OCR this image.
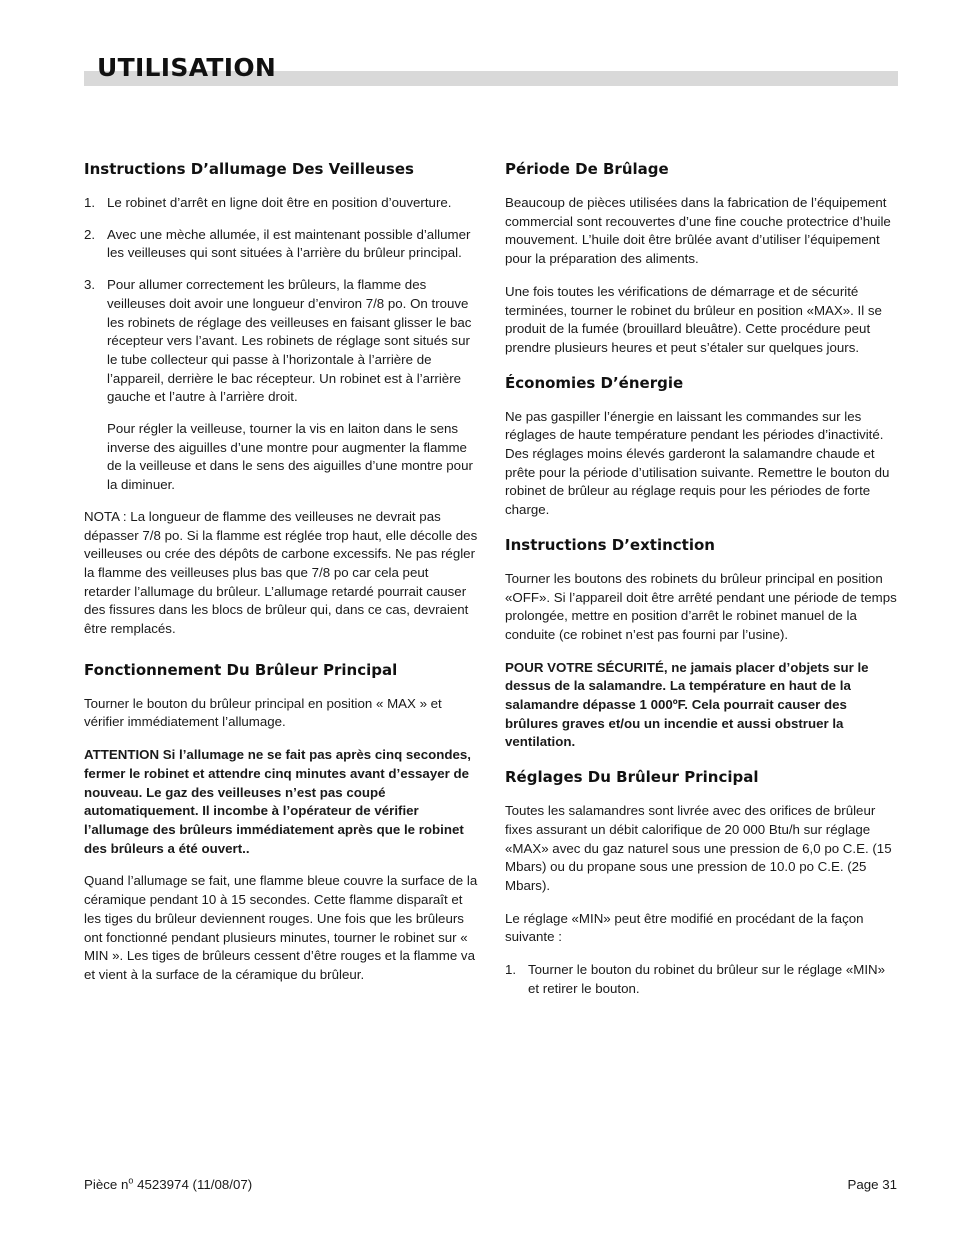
UTILISATION
Instructions D’allumage Des Veilleuses
1. Le robinet d’arrêt en ligne doit être en position d’ouverture.

2. Avec une mèche allumée, il est maintenant possible d’allumer les veilleuses qui sont situées à l’arrière du brûleur principal.

3. Pour allumer correctement les brûleurs, la flamme des veilleuses doit avoir une longueur d’environ 7/8 po. On trouve les robinets de réglage des veilleuses en faisant glisser le bac récepteur vers l’avant. Les robinets de réglage sont situés sur le tube collecteur qui passe à l’horizontale à l’arrière de l’appareil, derrière le bac récepteur. Un robinet est à l’arrière gauche et l’autre à l’arrière droit.

Pour régler la veilleuse, tourner la vis en laiton dans le sens inverse des aiguilles d’une montre pour augmenter la flamme de la veilleuse et dans le sens des aiguilles d’une montre pour la diminuer.

NOTA : La longueur de flamme des veilleuses ne devrait pas dépasser 7/8 po. Si la flamme est réglée trop haut, elle décolle des veilleuses ou crée des dépôts de carbone excessifs. Ne pas régler la flamme des veilleuses plus bas que 7/8 po car cela peut retarder l’allumage du brûleur. L’allumage retardé pourrait causer des fissures dans les blocs de brûleur qui, dans ce cas, devraient être remplacés.

Fonctionnement Du Brûleur Principal

Tourner le bouton du brûleur principal en position « MAX » et vérifier immédiatement l’allumage.

ATTENTION Si l’allumage ne se fait pas après cinq secondes, fermer le robinet et attendre cinq minutes avant d’essayer de nouveau. Le gaz des veilleuses n’est pas coupé automatiquement. Il incombe à l’opérateur de vérifier l’allumage des brûleurs immédiatement après que le robinet des brûleurs a été ouvert..

Quand l’allumage se fait, une flamme bleue couvre la surface de la céramique pendant 10 à 15 secondes. Cette flamme disparaît et les tiges du brûleur deviennent rouges. Une fois que les brûleurs ont fonctionné pendant plusieurs minutes, tourner le robinet sur « MIN ». Les tiges de brûleurs cessent d’être rouges et la flamme va et vient à la surface de la céramique du brûleur.

Période De Brûlage

Beaucoup de pièces utilisées dans la fabrication de l’équipement commercial sont recouvertes d’une fine couche protectrice d’huile mouvement. L’huile doit être brûlée avant d’utiliser l’équipement pour la préparation des aliments.

Une fois toutes les vérifications de démarrage et de sécurité terminées, tourner le robinet du brûleur en position «MAX». Il se produit de la fumée (brouillard bleuâtre). Cette procédure peut prendre plusieurs heures et peut s’étaler sur quelques jours.

Économies D’énergie

Ne pas gaspiller l’énergie en laissant les commandes sur les réglages de haute température pendant les périodes d’inactivité. Des réglages moins élevés garderont la salamandre chaude et prête pour la période d’utilisation suivante. Remettre le bouton du robinet de brûleur au réglage requis pour les périodes de forte charge.

Instructions D’extinction

Tourner les boutons des robinets du brûleur principal en position «OFF». Si l’appareil doit être arrêté pendant une période de temps prolongée, mettre en position d’arrêt le robinet manuel de la conduite (ce robinet n’est pas fourni par l’usine).

POUR VOTRE SÉCURITÉ, ne jamais placer d’objets sur le dessus de la salamandre. La température en haut de la salamandre dépasse 1 000ºF. Cela pourrait causer des brûlures graves et/ou un incendie et aussi obstruer la ventilation.

Réglages Du Brûleur Principal

Toutes les salamandres sont livrée avec des orifices de brûleur fixes assurant un débit calorifique de 20 000 Btu/h sur réglage «MAX» avec du gaz naturel sous une pression de 6,0 po C.E. (15 Mbars) ou du propane sous une pression de 10.0 po C.E. (25 Mbars).

Le réglage «MIN» peut être modifié en procédant de la façon suivante :

1. Tourner le bouton du robinet du brûleur sur le réglage «MIN» et retirer le bouton.

Pièce $n^o$ 4523974 (11/08/07)	Page 31
